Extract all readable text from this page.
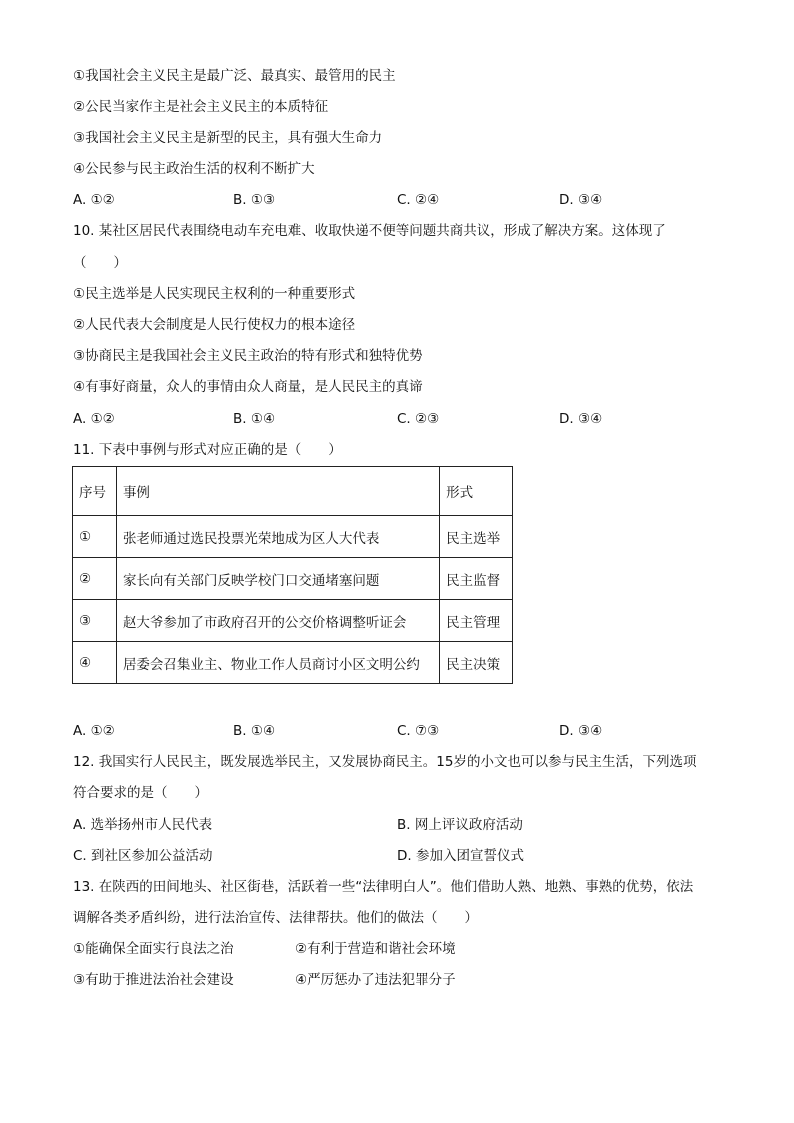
①我国社会主义民主是最广泛、最真实、最管用的民主
②公民当家作主是社会主义民主的本质特征
③我国社会主义民主是新型的民主，具有强大生命力
④公民参与民主政治生活的权利不断扩大
A. ①②	B. ①③	C. ②④	D. ③④
10. 某社区居民代表围绕电动车充电难、收取快递不便等问题共商共议，形成了解决方案。这体现了
（　　）
①民主选举是人民实现民主权利的一种重要形式
②人民代表大会制度是人民行使权力的根本途径
③协商民主是我国社会主义民主政治的特有形式和独特优势
④有事好商量，众人的事情由众人商量，是人民民主的真谛
A. ①②	B. ①④	C. ②③	D. ③④
11. 下表中事例与形式对应正确的是（　　）
序号	事例	形式
①	张老师通过选民投票光荣地成为区人大代表	民主选举
②	家长向有关部门反映学校门口交通堵塞问题	民主监督
③	赵大爷参加了市政府召开的公交价格调整听证会	民主管理
④	居委会召集业主、物业工作人员商讨小区文明公约	民主决策
A. ①②	B. ①④	C. ⑦③	D. ③④
12. 我国实行人民民主，既发展选举民主，又发展协商民主。15岁的小文也可以参与民主生活，下列选项
符合要求的是（　　）
A. 选举扬州市人民代表	B. 网上评议政府活动
C. 到社区参加公益活动	D. 参加入团宣誓仪式
13. 在陕西的田间地头、社区街巷，活跃着一些“法律明白人”。他们借助人熟、地熟、事熟的优势，依法
调解各类矛盾纠纷，进行法治宣传、法律帮扶。他们的做法（　　）
①能确保全面实行良法之治	②有利于营造和谐社会环境
③有助于推进法治社会建设	④严厉惩办了违法犯罪分子
